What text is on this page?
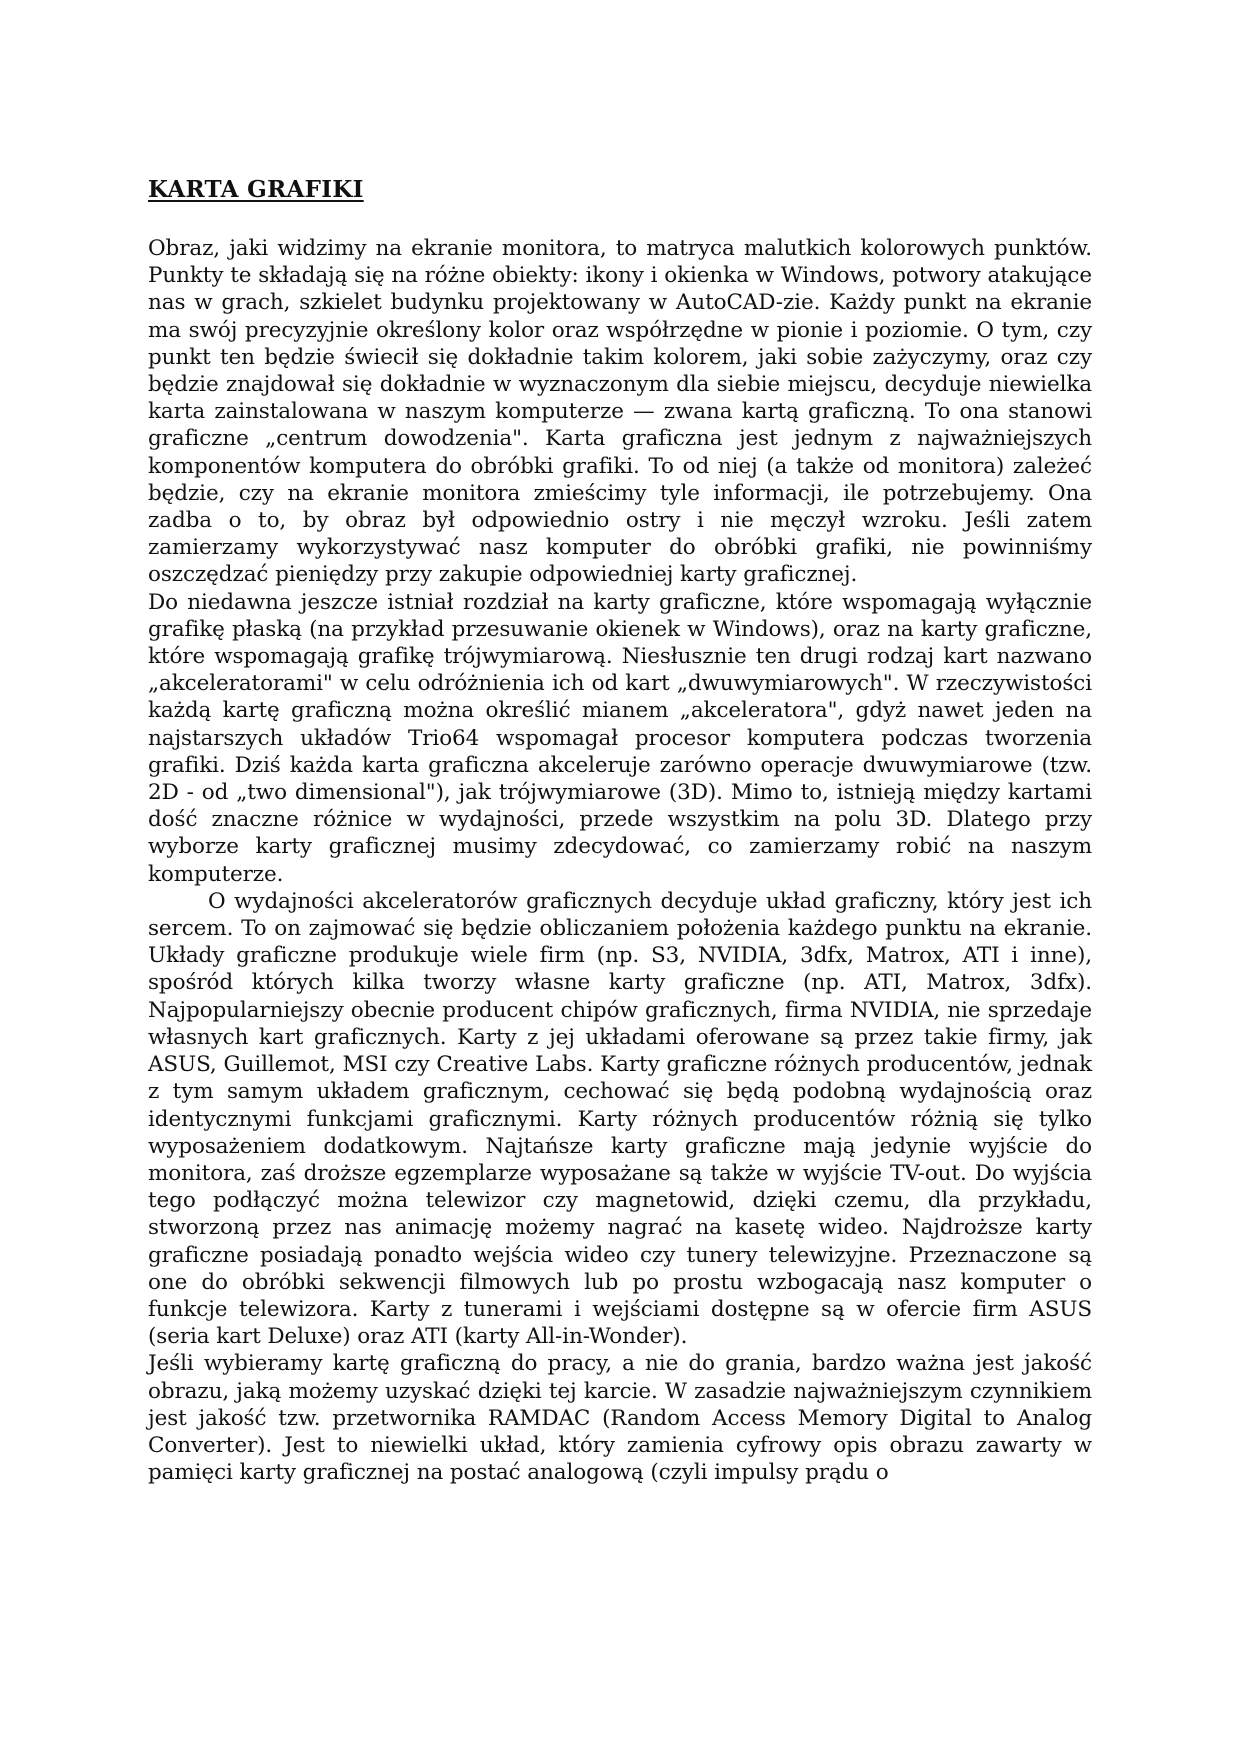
KARTA GRAFIKI

Obraz, jaki widzimy na ekranie monitora, to matryca malutkich kolorowych punktów. Punkty te składają się na różne obiekty: ikony i okienka w Windows, potwory atakujące nas w grach, szkielet budynku projektowany w AutoCAD-zie. Każdy punkt na ekranie ma swój precyzyjnie określony kolor oraz współrzędne w pionie i poziomie. O tym, czy punkt ten będzie świecił się dokładnie takim kolorem, jaki sobie zażyczymy, oraz czy będzie znajdował się dokładnie w wyznaczonym dla siebie miejscu, decyduje niewielka karta zainstalowana w naszym komputerze — zwana kartą graficzną. To ona stanowi graficzne „centrum dowodzenia". Karta graficzna jest jednym z najważniejszych komponentów komputera do obróbki grafiki. To od niej (a także od monitora) zależeć będzie, czy na ekranie monitora zmieścimy tyle informacji, ile potrzebujemy. Ona zadba o to, by obraz był odpowiednio ostry i nie męczył wzroku. Jeśli zatem zamierzamy wykorzystywać nasz komputer do obróbki grafiki, nie powinniśmy oszczędzać pieniędzy przy zakupie odpowiedniej karty graficznej.

Do niedawna jeszcze istniał rozdział na karty graficzne, które wspomagają wyłącznie grafikę płaską (na przykład przesuwanie okienek w Windows), oraz na karty graficzne, które wspomagają grafikę trójwymiarową. Niesłusznie ten drugi rodzaj kart nazwano „akceleratorami" w celu odróżnienia ich od kart „dwuwymiarowych". W rzeczywistości każdą kartę graficzną można określić mianem „akceleratora", gdyż nawet jeden na najstarszych układów Trio64 wspomagał procesor komputera podczas tworzenia grafiki. Dziś każda karta graficzna akceleruje zarówno operacje dwuwymiarowe (tzw. 2D - od „two dimensional"), jak trójwymiarowe (3D). Mimo to, istnieją między kartami dość znaczne różnice w wydajności, przede wszystkim na polu 3D. Dlatego przy wyborze karty graficznej musimy zdecydować, co zamierzamy robić na naszym komputerze.

O wydajności akceleratorów graficznych decyduje układ graficzny, który jest ich sercem. To on zajmować się będzie obliczaniem położenia każdego punktu na ekranie. Układy graficzne produkuje wiele firm (np. S3, NVIDIA, 3dfx, Matrox, ATI i inne), spośród których kilka tworzy własne karty graficzne (np. ATI, Matrox, 3dfx). Najpopularniejszy obecnie producent chipów graficznych, firma NVIDIA, nie sprzedaje własnych kart graficznych. Karty z jej układami oferowane są przez takie firmy, jak ASUS, Guillemot, MSI czy Creative Labs. Karty graficzne różnych producentów, jednak z tym samym układem graficznym, cechować się będą podobną wydajnością oraz identycznymi funkcjami graficznymi. Karty różnych producentów różnią się tylko wyposażeniem dodatkowym. Najtańsze karty graficzne mają jedynie wyjście do monitora, zaś droższe egzemplarze wyposażane są także w wyjście TV-out. Do wyjścia tego podłączyć można telewizor czy magnetowid, dzięki czemu, dla przykładu, stworzoną przez nas animację możemy nagrać na kasetę wideo. Najdroższe karty graficzne posiadają ponadto wejścia wideo czy tunery telewizyjne. Przeznaczone są one do obróbki sekwencji filmowych lub po prostu wzbogacają nasz komputer o funkcje telewizora. Karty z tunerami i wejściami dostępne są w ofercie firm ASUS (seria kart Deluxe) oraz ATI (karty All-in-Wonder).

Jeśli wybieramy kartę graficzną do pracy, a nie do grania, bardzo ważna jest jakość obrazu, jaką możemy uzyskać dzięki tej karcie. W zasadzie najważniejszym czynnikiem jest jakość tzw. przetwornika RAMDAC (Random Access Memory Digital to Analog Converter). Jest to niewielki układ, który zamienia cyfrowy opis obrazu zawarty w pamięci karty graficznej na postać analogową (czyli impulsy prądu o
